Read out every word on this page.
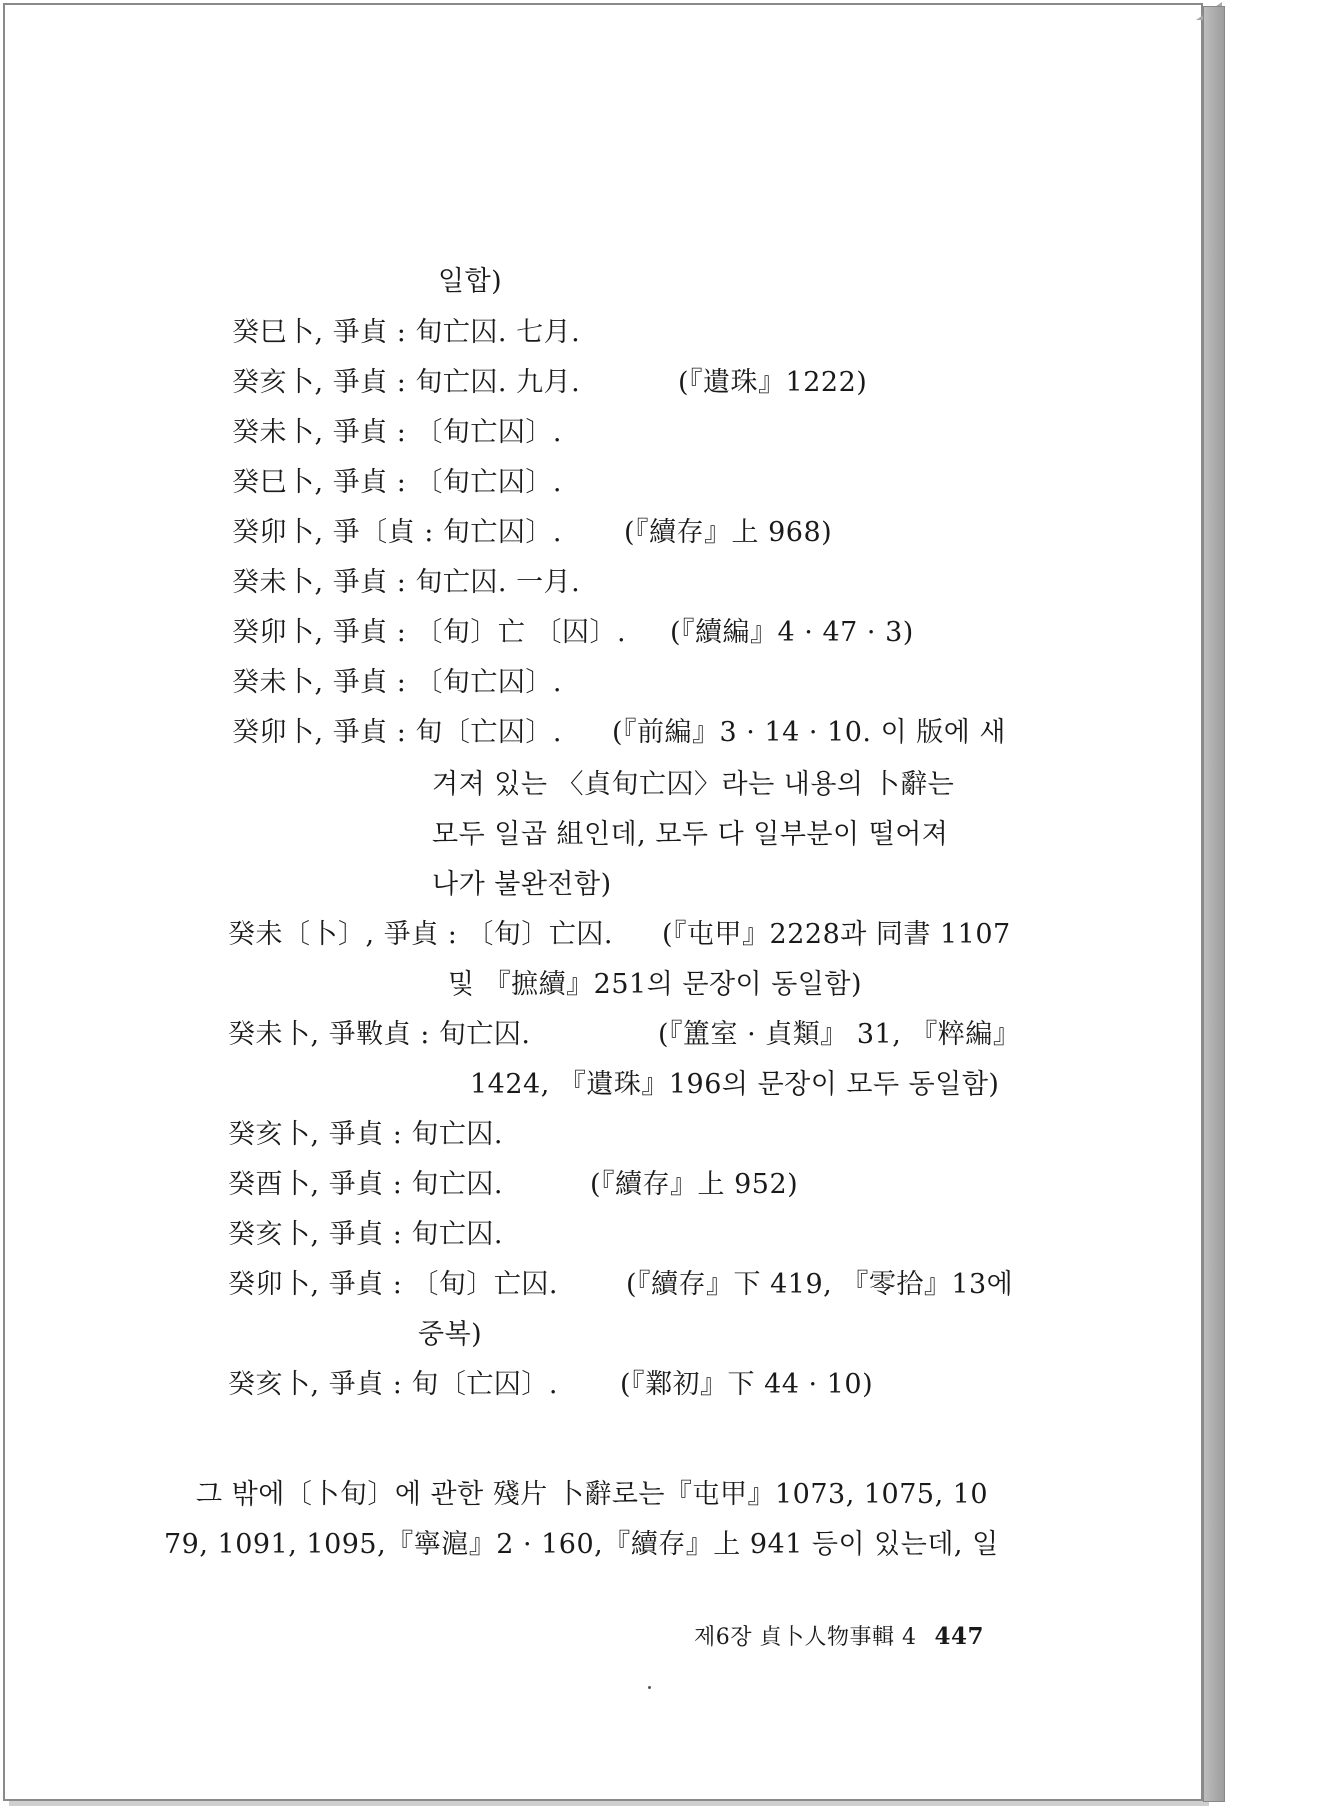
일합)
癸巳卜, 爭貞 : 旬亡囚. 七月.
癸亥卜, 爭貞 : 旬亡囚. 九月.	(『遺珠』1222)
癸未卜, 爭貞 : 〔旬亡囚〕.
癸巳卜, 爭貞 : 〔旬亡囚〕.
癸卯卜, 爭〔貞 : 旬亡囚〕. (『續存』上 968)
癸未卜, 爭貞 : 旬亡囚. 一月.
癸卯卜, 爭貞 : 〔旬〕亡 〔囚〕. (『續編』4 · 47 · 3)
癸未卜, 爭貞 : 〔旬亡囚〕.
癸卯卜, 爭貞 : 旬〔亡囚〕. (『前編』3 · 14 · 10. 이 版에 새
겨져 있는 〈貞旬亡囚〉라는 내용의 卜辭는
모두 일곱 組인데, 모두 다 일부분이 떨어져
나가 불완전함)
癸未〔卜〕, 爭貞 : 〔旬〕亡囚. (『屯甲』2228과 同書 1107
및 『摭續』251의 문장이 동일함)
癸未卜, 爭㪤貞 : 旬亡囚.	(『簠室 · 貞類』 31, 『粹編』
1424, 『遺珠』196의 문장이 모두 동일함)
癸亥卜, 爭貞 : 旬亡囚.
癸酉卜, 爭貞 : 旬亡囚.	(『續存』上 952)
癸亥卜, 爭貞 : 旬亡囚.
癸卯卜, 爭貞 : 〔旬〕亡囚.	(『續存』下 419, 『零拾』13에
중복)
癸亥卜, 爭貞 : 旬〔亡囚〕. (『鄴初』下 44 · 10)
그 밖에〔卜旬〕에 관한 殘片 卜辭로는『屯甲』1073, 1075, 10
79, 1091, 1095,『寧滬』2 · 160,『續存』上 941 등이 있는데, 일
제6장 貞卜人物事輯 4 447
